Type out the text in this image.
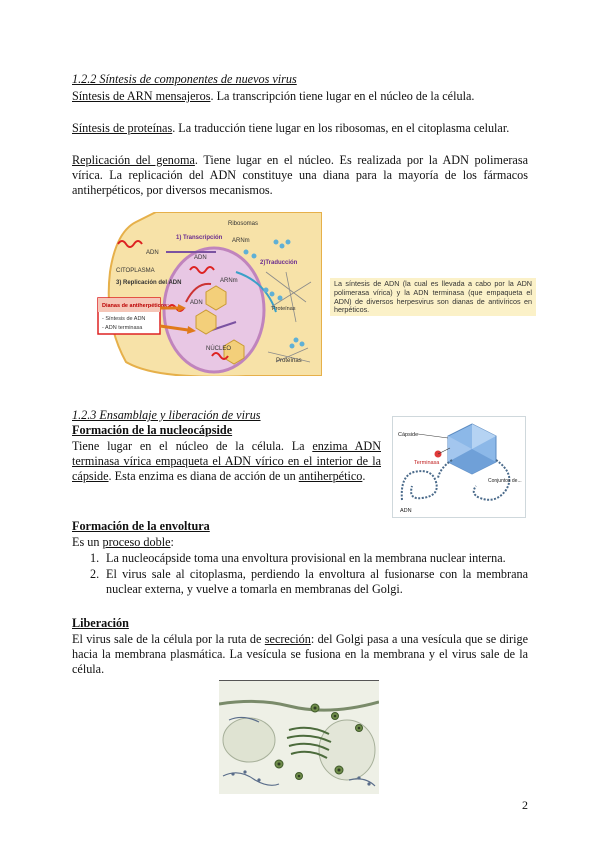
1.2.2 Síntesis de componentes de nuevos virus
Síntesis de ARN mensajeros. La transcripción tiene lugar en el núcleo de la célula.
Síntesis de proteínas. La traducción tiene lugar en los ribosomas, en el citoplasma celular.
Replicación del genoma. Tiene lugar en el núcleo. Es realizada por la ADN polimerasa vírica. La replicación del ADN constituye una diana para la mayoría de los fármacos antiherpéticos, por diversos mecanismos.
Ribosomas
1) Transcripción
ADN
ARNm
CITOPLASMA
3) Replicación del ADN
ADN
ARNm
2)Traducción
Proteínas
ADN
NÚCLEO
Proteínas
Dianas de antiherpéticos:
- Síntesis de ADN
- ADN terminasa
La síntesis de ADN (la cual es llevada a cabo por la ADN polimerasa vírica) y la ADN terminasa (que empaqueta el ADN) de diversos herpesvirus son dianas de antivíricos en herpéticos.
1.2.3 Ensamblaje y liberación de virus
Formación de la nucleocápside
Tiene lugar en el núcleo de la célula. La enzima ADN terminasa vírica empaqueta el ADN vírico en el interior de la cápside. Esta enzima es diana de acción de un antiherpético.
Cápside
Terminasa
Conjuntos de...
ADN
Formación de la envoltura
Es un proceso doble:
1. La nucleocápside toma una envoltura provisional en la membrana nuclear interna.
2. El virus sale al citoplasma, perdiendo la envoltura al fusionarse con la membrana nuclear externa, y vuelve a tomarla en membranas del Golgi.
Liberación
El virus sale de la célula por la ruta de secreción: del Golgi pasa a una vesícula que se dirige hacia la membrana plasmática. La vesícula se fusiona en la membrana y el virus sale de la célula.
2
